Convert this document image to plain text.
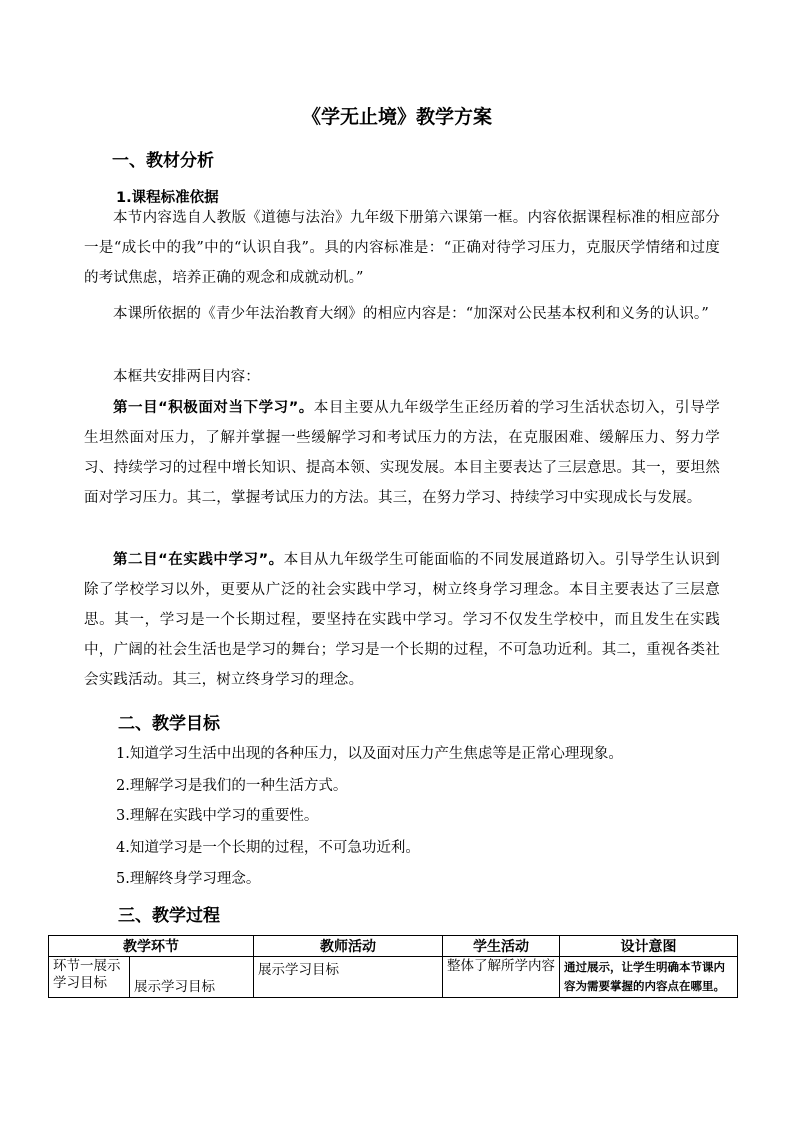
《学无止境》教学方案
一、教材分析
1.课程标准依据

本节内容选自人教版《道德与法治》九年级下册第六课第一框。内容依据课程标准的相应部分一是“成长中的我”中的“认识自我”。具的内容标准是：“正确对待学习压力，克服厌学情绪和过度的考试焦虑，培养正确的观念和成就动机。”

本课所依据的《青少年法治教育大纲》的相应内容是：“加深对公民基本权利和义务的认识。”

本框共安排两目内容：

第一目“积极面对当下学习”。本目主要从九年级学生正经历着的学习生活状态切入，引导学生坦然面对压力，了解并掌握一些缓解学习和考试压力的方法，在克服困难、缓解压力、努力学习、持续学习的过程中增长知识、提高本领、实现发展。本目主要表达了三层意思。其一，要坦然面对学习压力。其二，掌握考试压力的方法。其三，在努力学习、持续学习中实现成长与发展。

第二目“在实践中学习”。本目从九年级学生可能面临的不同发展道路切入。引导学生认识到除了学校学习以外，更要从广泛的社会实践中学习，树立终身学习理念。本目主要表达了三层意思。其一，学习是一个长期过程，要坚持在实践中学习。学习不仅发生学校中，而且发生在实践中，广阔的社会生活也是学习的舞台；学习是一个长期的过程，不可急功近利。其二，重视各类社会实践活动。其三，树立终身学习的理念。

二、教学目标

1.知道学习生活中出现的各种压力，以及面对压力产生焦虑等是正常心理现象。

2.理解学习是我们的一种生活方式。

3.理解在实践中学习的重要性。

4.知道学习是一个长期的过程，不可急功近利。

5.理解终身学习理念。

三、教学过程
教学环节		教师活动	学生活动	设计意图
环节一展示学习目标	展示学习目标	展示学习目标	整体了解所学内容	通过展示，让学生明确本节课内容为需要掌握的内容点在哪里。
